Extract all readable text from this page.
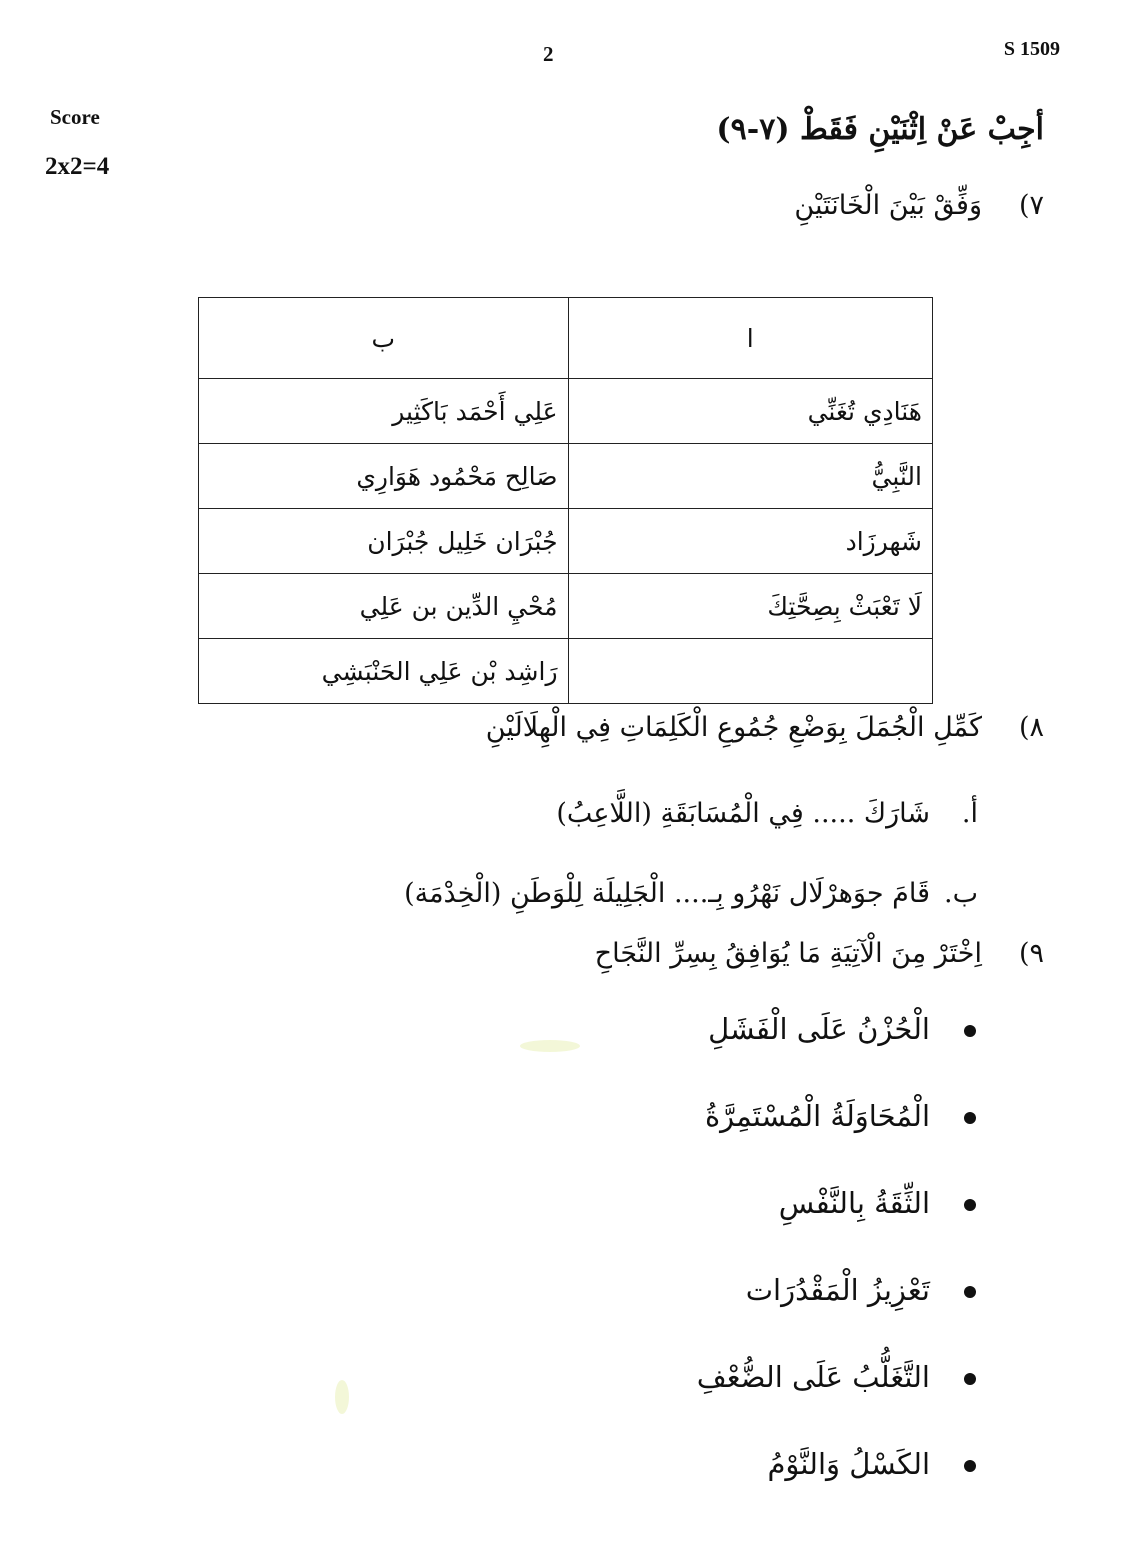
2	S 1509
Score
2x2=4
أجِبْ عَنْ اِثْنَيْنِ فَقَطْ (٧-٩)
٧)وَفِّقْ بَيْنَ الْخَانَتَيْنِ
ا	ب
هَنَادِي تُغَنِّي	عَلِي أَحْمَد بَاكَثِير
النَّبِيُّ	صَالِح مَحْمُود هَوَارِي
شَهرزَاد	جُبْرَان خَلِيل جُبْرَان
لَا تَعْبَثْ بِصِحَّتِكَ	مُحْيِ الدِّين بن عَلِي
	رَاشِد بْن عَلِي الحَنْبَشِي
٨)كَمِّلِ الْجُمَلَ بِوَضْعِ جُمُوعِ الْكَلِمَاتِ فِي الْهِلَالَيْنِ
أ.شَارَكَ ..... فِي الْمُسَابَقَةِ (اللَّاعِبُ)
ب.قَامَ جوَهرْلَال نَهْرُو بِـ.... الْجَلِيلَة لِلْوَطَنِ (الْخِدْمَة)
٩)اِخْتَرْ مِنَ الْآتِيَةِ مَا يُوَافِقُ بِسِرِّ النَّجَاحِ
الْحُزْنُ عَلَى الْفَشَلِ
الْمُحَاوَلَةُ الْمُسْتَمِرَّةُ
الثِّقَةُ بِالنَّفْسِ
تَعْزِيزُ الْمَقْدُرَات
التَّغَلُّبُ عَلَى الضُّعْفِ
الكَسْلُ وَالنَّوْمُ
